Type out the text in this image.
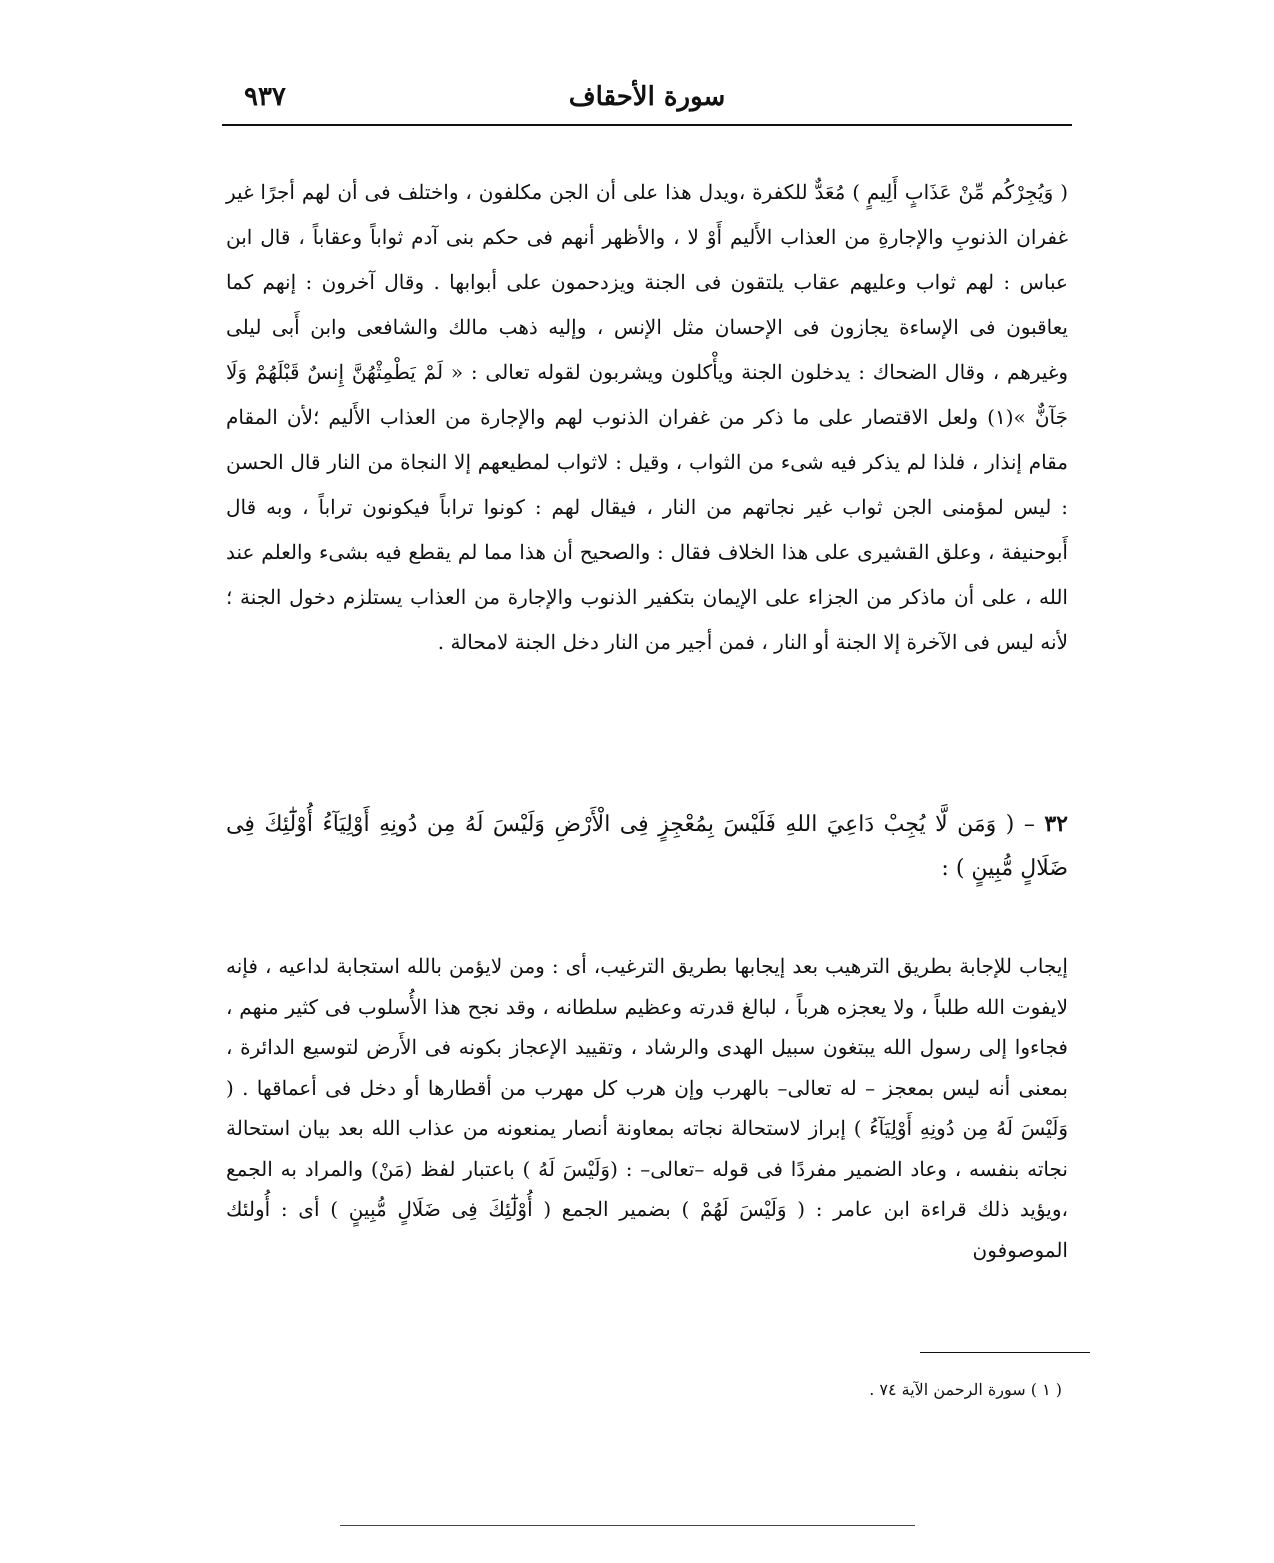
سورة الأحقاف
٩٣٧

( وَيُجِرْكُم مِّنْ عَذَابٍ أَلِيمٍ ) مُعَدٌّ للكفرة ،ويدل هذا على أن الجن مكلفون ، واختلف فى أن لهم أجرًا غير غفران الذنوبِ والإجارةِ من العذاب الأَليم أَوْ لا ، والأظهر أنهم فى حكم بنى آدم ثواباً وعقاباً ، قال ابن عباس : لهم ثواب وعليهم عقاب يلتقون فى الجنة ويزدحمون على أبوابها . وقال آخرون : إنهم كما يعاقبون فى الإساءة يجازون فى الإحسان مثل الإنس ، وإليه ذهب مالك والشافعى وابن أَبى ليلى وغيرهم ، وقال الضحاك : يدخلون الجنة ويأْكلون ويشربون لقوله تعالى : « لَمْ يَطْمِثْهُنَّ إِنسٌ قَبْلَهُمْ وَلَا جَآنٌّ »(١) ولعل الاقتصار على ما ذكر من غفران الذنوب لهم والإجارة من العذاب الأَليم ؛لأن المقام مقام إنذار ، فلذا لم يذكر فيه شىء من الثواب ، وقيل : لاثواب لمطيعهم إلا النجاة من النار قال الحسن : ليس لمؤمنى الجن ثواب غير نجاتهم من النار ، فيقال لهم : كونوا تراباً فيكونون تراباً ، وبه قال أَبوحنيفة ، وعلق القشيرى على هذا الخلاف فقال : والصحيح أن هذا مما لم يقطع فيه بشىء والعلم عند الله ، على أن ماذكر من الجزاء على الإيمان بتكفير الذنوب والإجارة من العذاب يستلزم دخول الجنة ؛ لأنه ليس فى الآخرة إلا الجنة أو النار ، فمن أجير من النار دخل الجنة لامحالة .

٣٢ – ( وَمَن لَّا يُجِبْ دَاعِيَ اللهِ فَلَيْسَ بِمُعْجِزٍ فِى الْأَرْضِ وَلَيْسَ لَهُ مِن دُونِهِ أَوْلِيَآءُ أُوْلَٰٓئِكَ فِى ضَلَالٍ مُّبِينٍ ) :

إيجاب للإجابة بطريق الترهيب بعد إيجابها بطريق الترغيب، أى : ومن لايؤمن بالله استجابة لداعيه ، فإنه لايفوت الله طلباً ، ولا يعجزه هرباً ، لبالغ قدرته وعظيم سلطانه ، وقد نجح هذا الأُسلوب فى كثير منهم ، فجاءوا إلى رسول الله يبتغون سبيل الهدى والرشاد ، وتقييد الإعجاز بكونه فى الأَرض لتوسيع الدائرة ، بمعنى أنه ليس بمعجز – له تعالى– بالهرب وإن هرب كل مهرب من أقطارها أو دخل فى أعماقها . ( وَلَيْسَ لَهُ مِن دُونِهِ أَوْلِيَآءُ ) إبراز لاستحالة نجاته بمعاونة أنصار يمنعونه من عذاب الله بعد بيان استحالة نجاته بنفسه ، وعاد الضمير مفردًا فى قوله –تعالى– : (وَلَيْسَ لَهُ ) باعتبار لفظ (مَنْ) والمراد به الجمع ،ويؤيد ذلك قراءة ابن عامر : ( وَلَيْسَ لَهُمْ ) بضمير الجمع ( أُوْلَٰٓئِكَ فِى ضَلَالٍ مُّبِينٍ ) أى : أُولئك الموصوفون

( ١ ) سورة الرحمن الآية ٧٤ .
